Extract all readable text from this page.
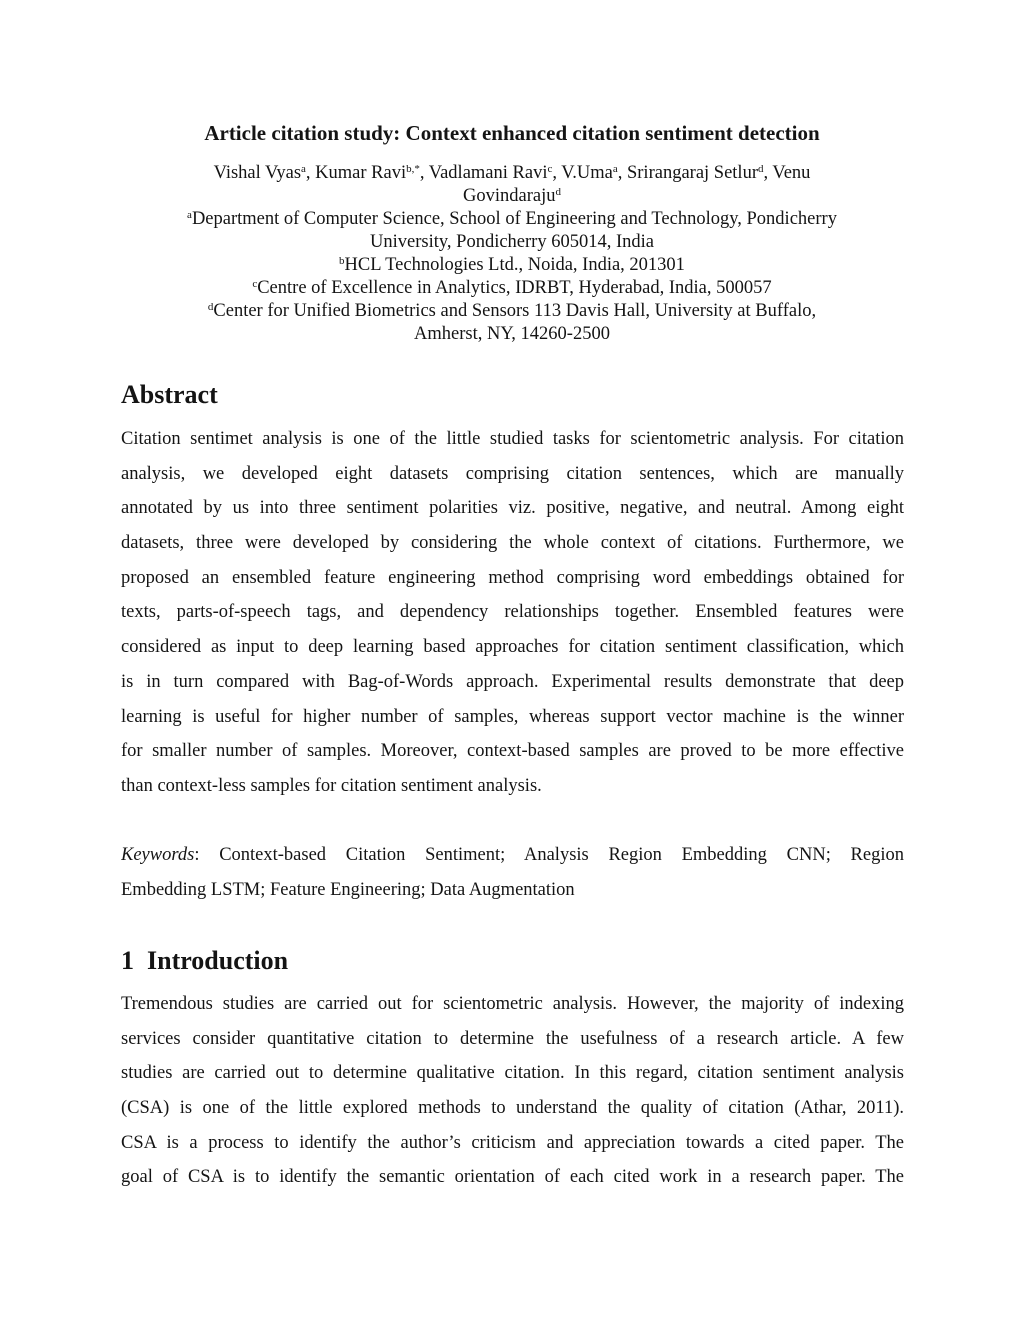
Article citation study: Context enhanced citation sentiment detection

Vishal Vyas$^a$, Kumar Ravi$^{b,*}$, Vadlamani Ravi$^c$, V.Uma$^a$, Srirangaraj Setlur$^d$, Venu

Govindaraju$^d$

$^a$Department of Computer Science, School of Engineering and Technology, Pondicherry

University, Pondicherry 605014, India

$^b$HCL Technologies Ltd., Noida, India, 201301

$^c$Centre of Excellence in Analytics, IDRBT, Hyderabad, India, 500057

$^d$Center for Unified Biometrics and Sensors 113 Davis Hall, University at Buffalo,

Amherst, NY, 14260-2500

Abstract
Citation sentimet analysis is one of the little studied tasks for scientometric analysis. For citation
analysis, we developed eight datasets comprising citation sentences, which are manually
annotated by us into three sentiment polarities viz. positive, negative, and neutral. Among eight
datasets, three were developed by considering the whole context of citations. Furthermore, we
proposed an ensembled feature engineering method comprising word embeddings obtained for
texts, parts-of-speech tags, and dependency relationships together. Ensembled features were
considered as input to deep learning based approaches for citation sentiment classification, which
is in turn compared with Bag-of-Words approach. Experimental results demonstrate that deep
learning is useful for higher number of samples, whereas support vector machine is the winner
for smaller number of samples. Moreover, context-based samples are proved to be more effective
than context-less samples for citation sentiment analysis.
Keywords: Context-based Citation Sentiment; Analysis Region Embedding CNN; Region
Embedding LSTM; Feature Engineering; Data Augmentation
1  Introduction
Tremendous studies are carried out for scientometric analysis. However, the majority of indexing
services consider quantitative citation to determine the usefulness of a research article. A few
studies are carried out to determine qualitative citation. In this regard, citation sentiment analysis
(CSA) is one of the little explored methods to understand the quality of citation (Athar, 2011).
CSA is a process to identify the author’s criticism and appreciation towards a cited paper. The
goal of CSA is to identify the semantic orientation of each cited work in a research paper. The
